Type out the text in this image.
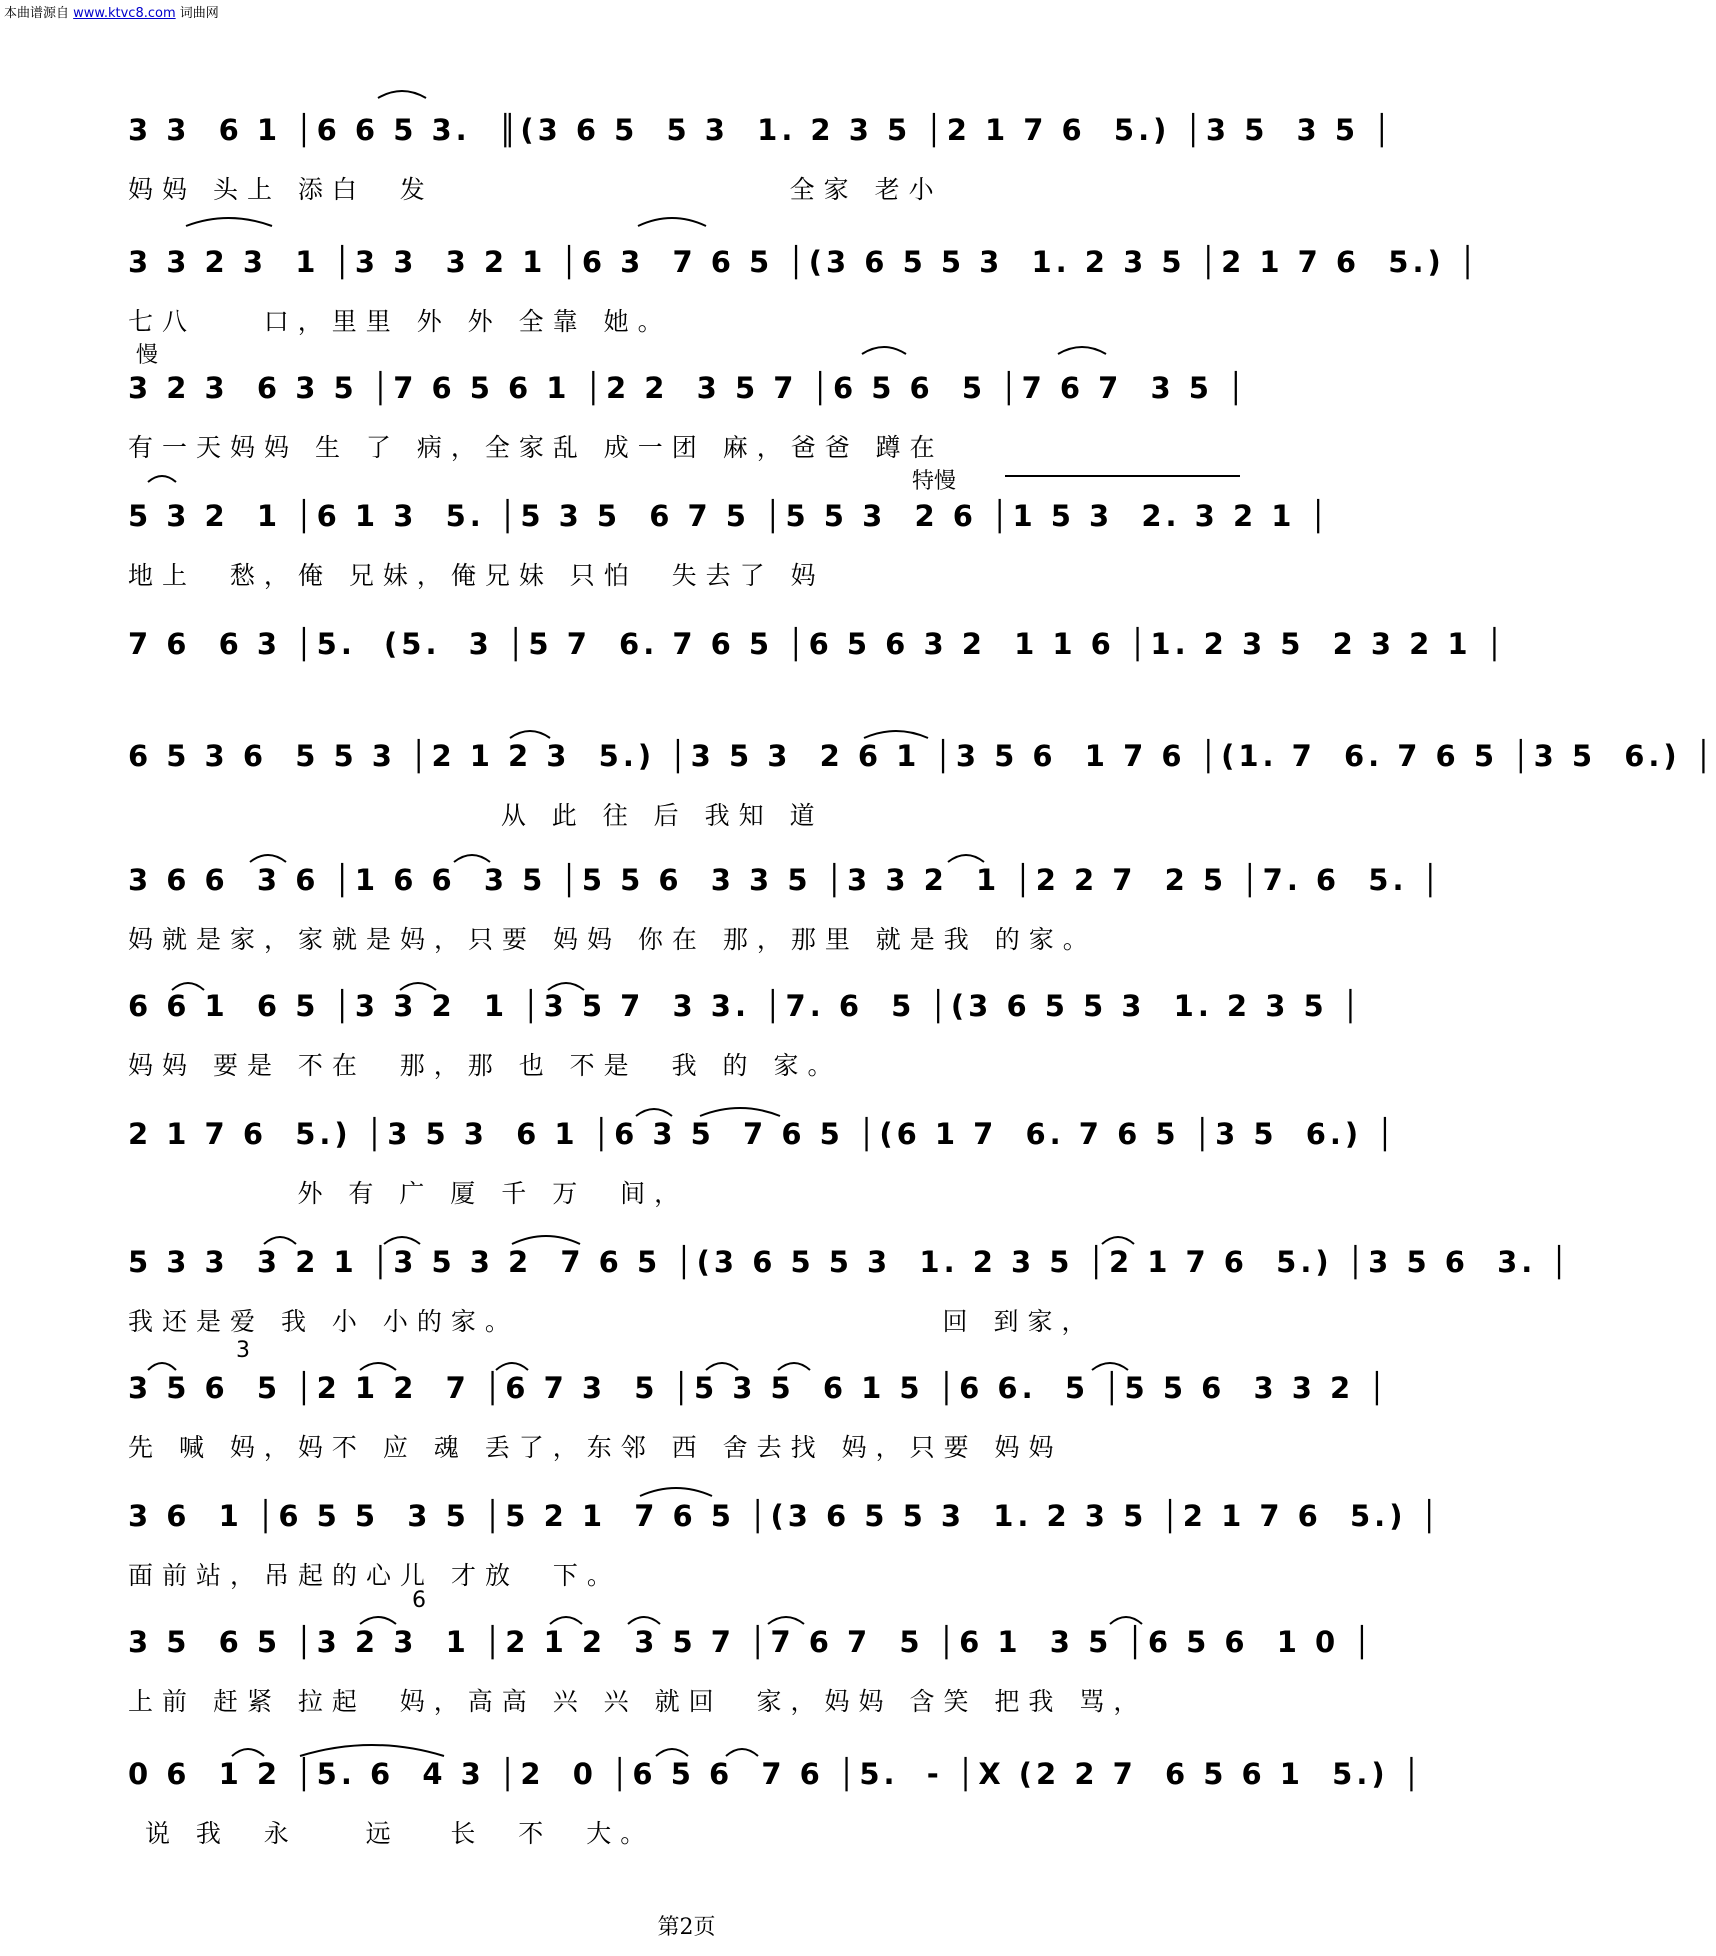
本曲谱源自 www.ktvc8.com 词曲网
3 3  6 1 │6 6 5 3.  ║(3 6 5  5 3  1. 2 3 5 │2 1 7 6  5.) │3 5  3 5 │
妈妈 头上 添白  发                     全家 老小
3 3 2 3  1 │3 3  3 2 1 │6 3  7 6 5 │(3 6 5 5 3  1. 2 3 5 │2 1 7 6  5.) │
七八    口，里里 外 外 全靠 她。
慢
3 2 3  6 3 5 │7 6 5 6 1 │2 2  3 5 7 │6 5 6  5 │7 6 7  3 5 │
有一天妈妈 生 了 病，全家乱 成一团 麻，爸爸 蹲在
特慢
5 3 2  1 │6 1 3  5. │5 3 5  6 7 5 │5 5 3  2 6 │1 5 3  2. 3 2 1 │
地上  愁，俺 兄妹，俺兄妹 只怕  失去了 妈
7 6  6 3 │5.  (5.  3 │5 7  6. 7 6 5 │6 5 6 3 2  1 1 6 │1. 2 3 5  2 3 2 1 │
6 5 3 6  5 5 3 │2 1 2 3  5.) │3 5 3  2 6 1 │3 5 6  1 7 6 │(1. 7  6. 7 6 5 │3 5  6.) │
从 此 往 后 我知 道
3 6 6  3 6 │1 6 6  3 5 │5 5 6  3 3 5 │3 3 2  1 │2 2 7  2 5 │7. 6  5. │
妈就是家，家就是妈，只要 妈妈 你在 那，那里 就是我 的家。
6 6 1  6 5 │3 3 2  1 │3 5 7  3 3. │7. 6  5 │(3 6 5 5 3  1. 2 3 5 │
妈妈 要是 不在  那，那 也 不是  我 的 家。
2 1 7 6  5.) │3 5 3  6 1 │6 3 5  7 6 5 │(6 1 7  6. 7 6 5 │3 5  6.) │
外 有 广 厦 千 万  间，
5 3 3  3 2 1 │3 5 3 2  7 6 5 │(3 6 5 5 3  1. 2 3 5 │2 1 7 6  5.) │3 5 6  3. │
我还是爱 我 小 小的家。                         回 到家，
3
3 5 6  5 │2 1 2  7 │6 7 3  5 │5 3 5  6 1 5 │6 6.  5 │5 5 6  3 3 2 │
先 喊 妈，妈不 应 魂 丢了，东邻 西 舍去找 妈，只要 妈妈
3 6  1 │6 5 5  3 5 │5 2 1  7 6 5 │(3 6 5 5 3  1. 2 3 5 │2 1 7 6  5.) │
面前站，吊起的心儿 才放  下。
6
3 5  6 5 │3 2 3  1 │2 1 2  3 5 7 │7 6 7  5 │6 1  3 5 │6 5 6  1 0 │
上前 赶紧 拉起  妈，高高 兴 兴 就回  家，妈妈 含笑 把我 骂，
0 6  1 2 │5. 6  4 3 │2  0 │6 5 6  7 6 │5.  - │X (2 2 7  6 5 6 1  5.) │
说 我  永    远   长  不  大。
第2页
